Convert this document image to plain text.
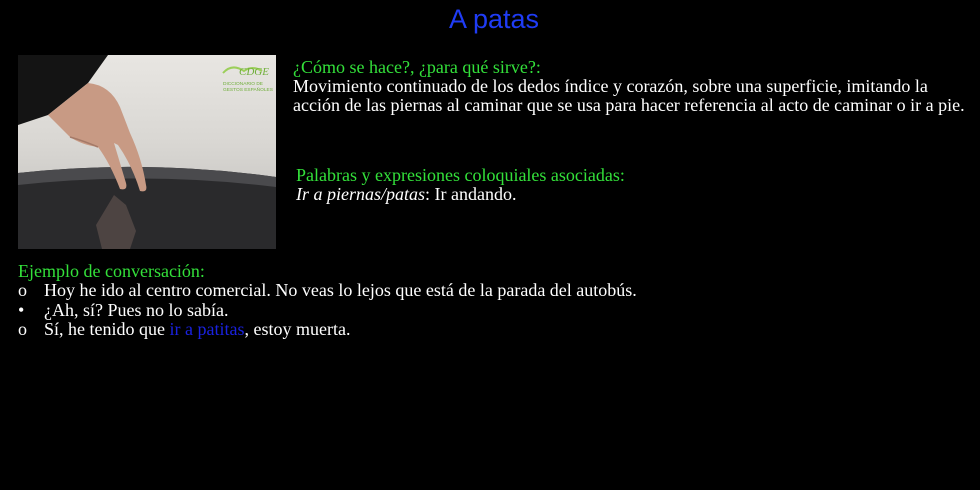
A patas
CDGE
DICCIONARIO DE
GESTOS ESPAÑOLES
¿Cómo se hace?, ¿para qué sirve?:
Movimiento continuado de los dedos índice y corazón, sobre una superficie, imitando la acción de las piernas al caminar que se usa para hacer referencia al acto de caminar o ir a pie.
Palabras y expresiones coloquiales asociadas:
Ir a piernas/patas: Ir andando.
Ejemplo de conversación:
o Hoy he ido al centro comercial. No veas lo lejos que está de la parada del autobús.
•	¿Ah, sí? Pues no lo sabía.
o Sí, he tenido que ir a patitas, estoy muerta.
